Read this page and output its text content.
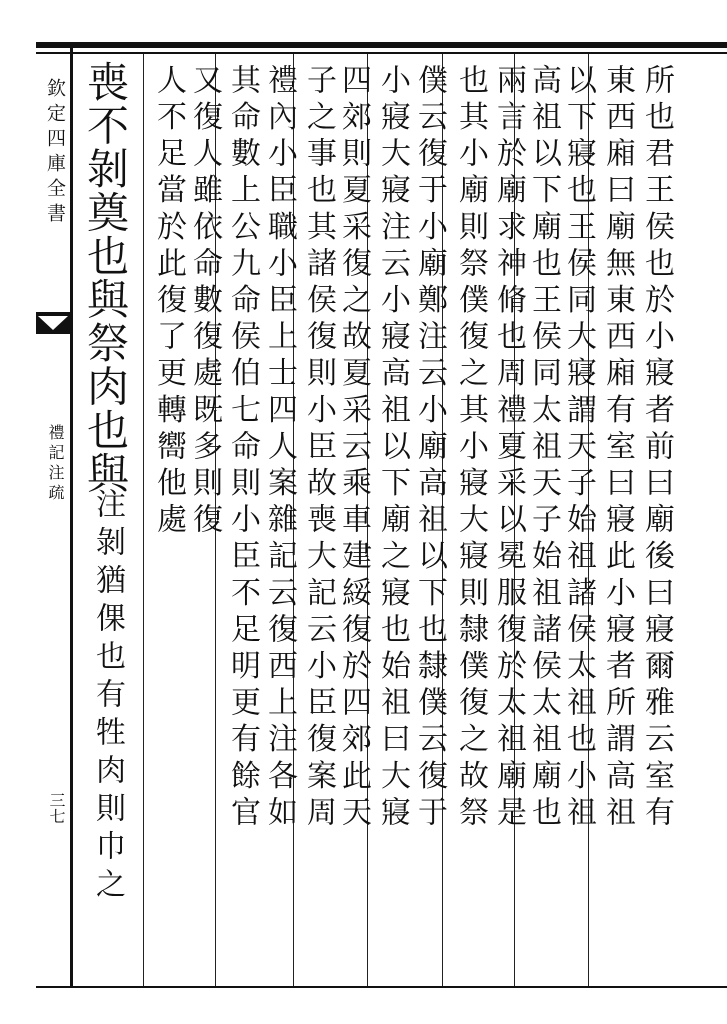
欽定四庫全書
禮記注疏
三七	所也君王侯也於小寢者前曰廟後曰寢爾雅云室有
東西廂曰廟無東西廂有室曰寢此小寢者所謂高祖
以下寢也王侯同大寢謂天子始祖諸侯太祖也小祖
高祖以下廟也王侯同太祖天子始祖諸侯太祖廟也
兩言於廟求神脩也周禮夏采以冕服復於太祖廟是
也其小廟則祭僕復之其小寢大寢則隸僕復之故祭
僕云復于小廟鄭注云小廟高祖以下也隸僕云復于
小寢大寢注云小寢高祖以下廟之寢也始祖曰大寢
四郊則夏采復之故夏采云乘車建綏復於四郊此天
子之事也其諸侯復則小臣故喪大記云小臣復案周
禮內小臣職小臣上士四人案雜記云復西上注各如
其命數上公九命侯伯七命則小臣不足明更有餘官
又復人雖依命數復處既多則復
人不足當於此復了更轉嚮他處
喪不剝奠也與祭肉也與
注剝猶倮也有牲肉則巾之
